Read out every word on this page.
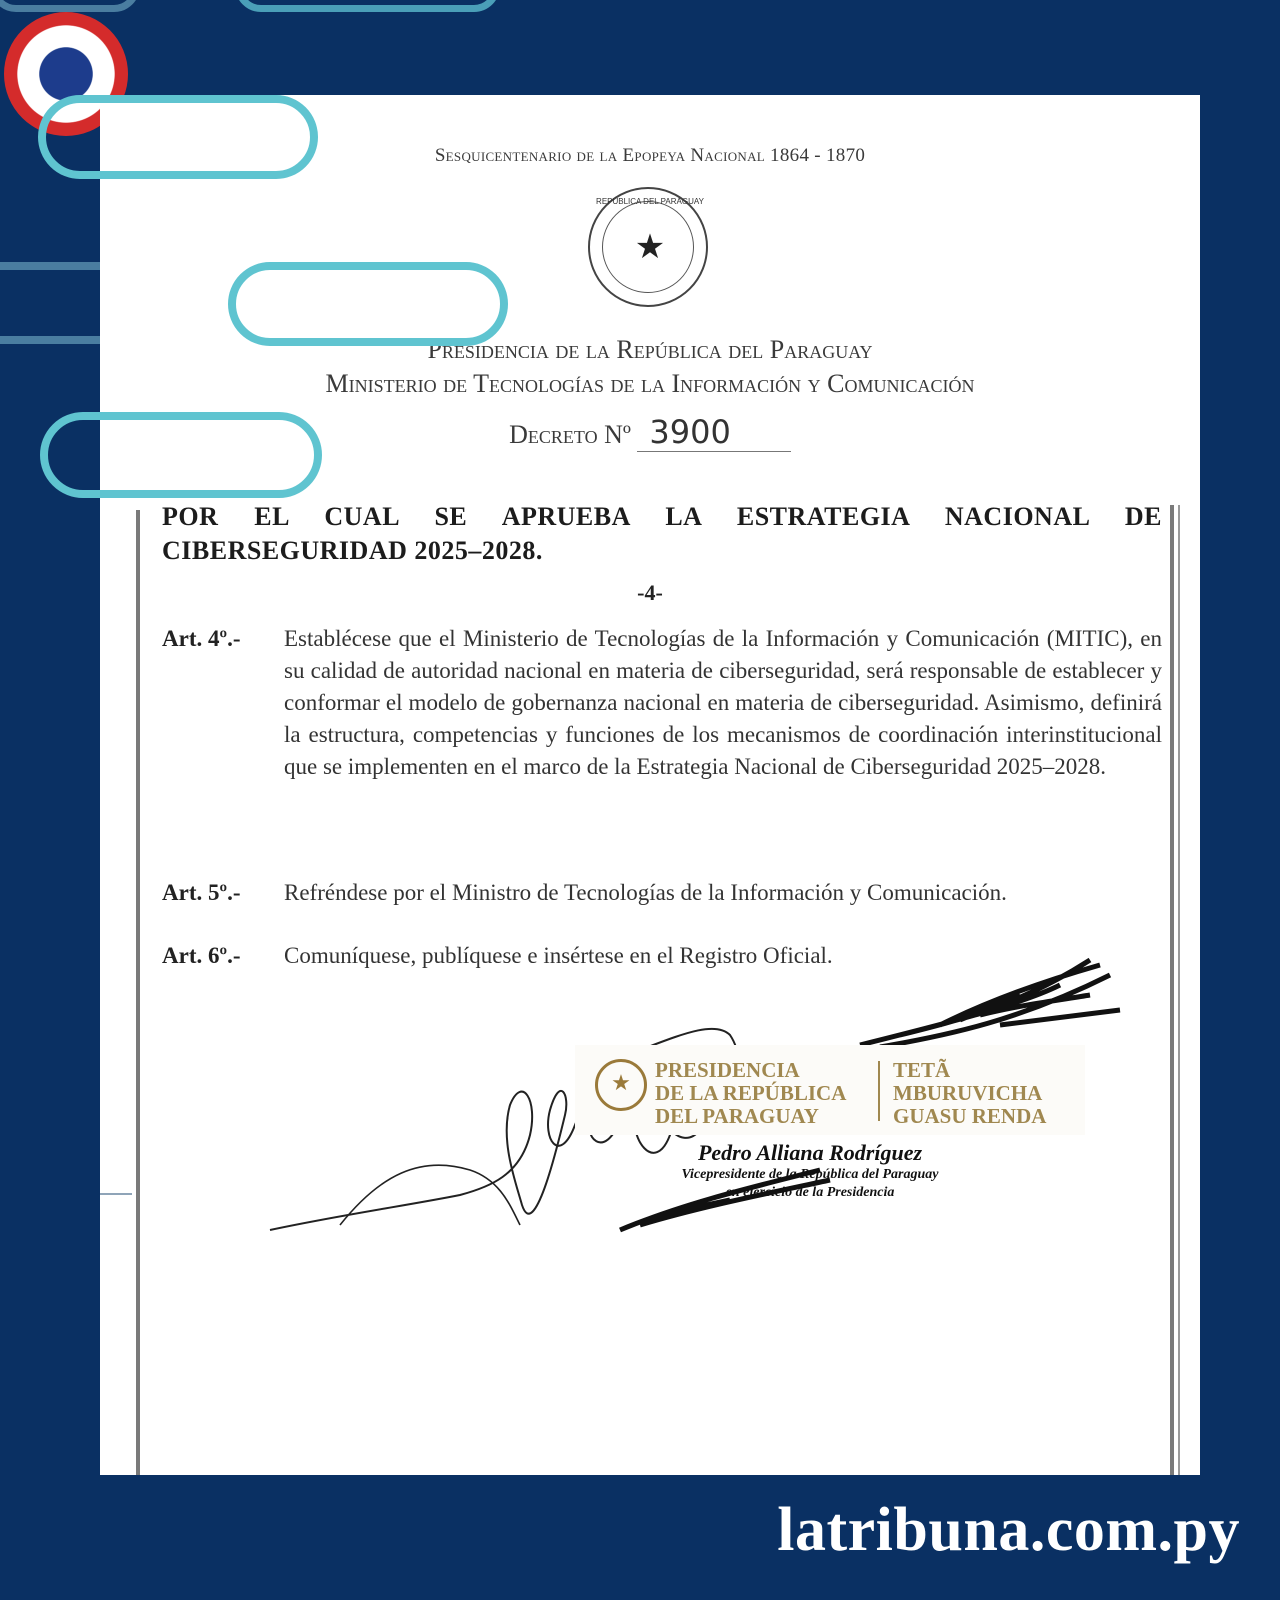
Sesquicentenario de la Epopeya Nacional 1864 - 1870
REPÚBLICA DEL PARAGUAY
★
Presidencia de la República del Paraguay
Ministerio de Tecnologías de la Información y Comunicación
Decreto Nº 3900
POR EL CUAL SE APRUEBA LA ESTRATEGIA NACIONAL DE CIBERSEGURIDAD 2025–2028.
-4-
Art. 4º.- Establécese que el Ministerio de Tecnologías de la Información y Comunicación (MITIC), en su calidad de autoridad nacional en materia de ciberseguridad, será responsable de establecer y conformar el modelo de gobernanza nacional en materia de ciberseguridad. Asimismo, definirá la estructura, competencias y funciones de los mecanismos de coordinación interinstitucional que se implementen en el marco de la Estrategia Nacional de Ciberseguridad 2025–2028.
Art. 5º.- Refréndese por el Ministro de Tecnologías de la Información y Comunicación.
Art. 6º.- Comuníquese, publíquese e insértese en el Registro Oficial.
★
PRESIDENCIA
DE LA REPÚBLICA
DEL PARAGUAY
TETÃ
MBURUVICHA
GUASU RENDA
Pedro Alliana Rodríguez
Vicepresidente de la República del Paraguay
en ejercicio de la Presidencia
latribuna.com.py
